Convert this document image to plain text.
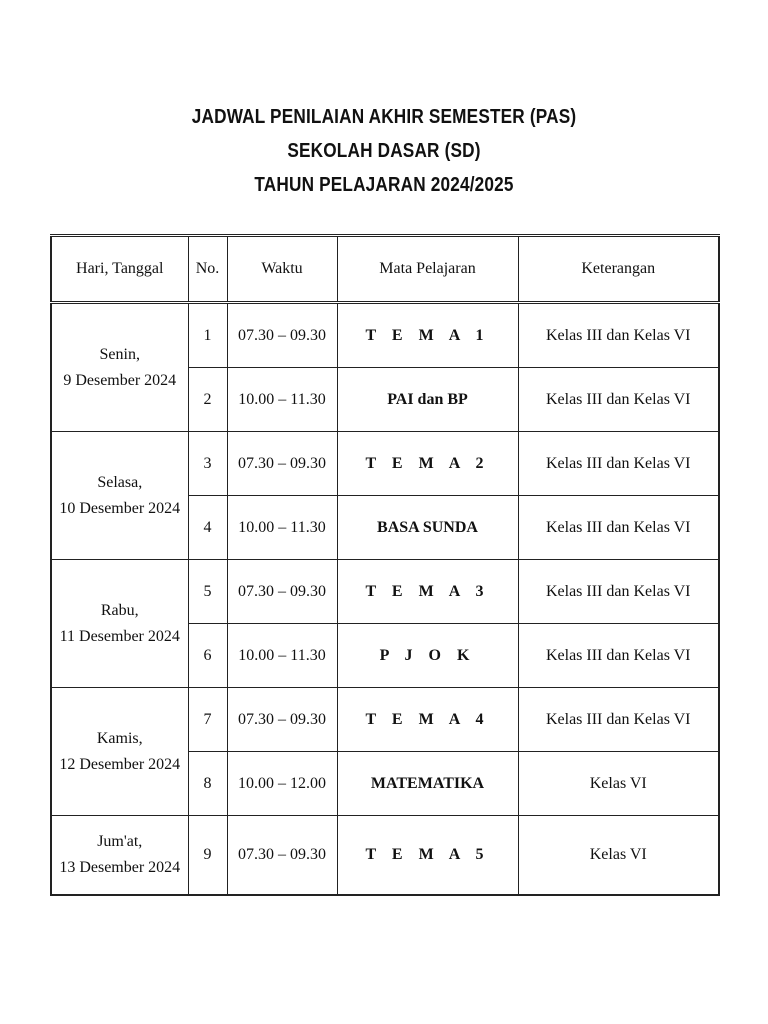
JADWAL PENILAIAN AKHIR SEMESTER (PAS)
SEKOLAH DASAR (SD)
TAHUN PELAJARAN 2024/2025
Hari, Tanggal	No.	Waktu	Mata Pelajaran	Keterangan

Senin,
9 Desember 2024	1	07.30 – 09.30	T E M A 1	Kelas III dan Kelas VI
	2	10.00 – 11.30	PAI dan BP	Kelas III dan Kelas VI

Selasa,
10 Desember 2024	3	07.30 – 09.30	T E M A 2	Kelas III dan Kelas VI
	4	10.00 – 11.30	BASA SUNDA	Kelas III dan Kelas VI

Rabu,
11 Desember 2024	5	07.30 – 09.30	T E M A 3	Kelas III dan Kelas VI
	6	10.00 – 11.30	P J O K	Kelas III dan Kelas VI

Kamis,
12 Desember 2024	7	07.30 – 09.30	T E M A 4	Kelas III dan Kelas VI
	8	10.00 – 12.00	MATEMATIKA	Kelas VI

Jum'at,
13 Desember 2024	9	07.30 – 09.30	T E M A 5	Kelas VI
